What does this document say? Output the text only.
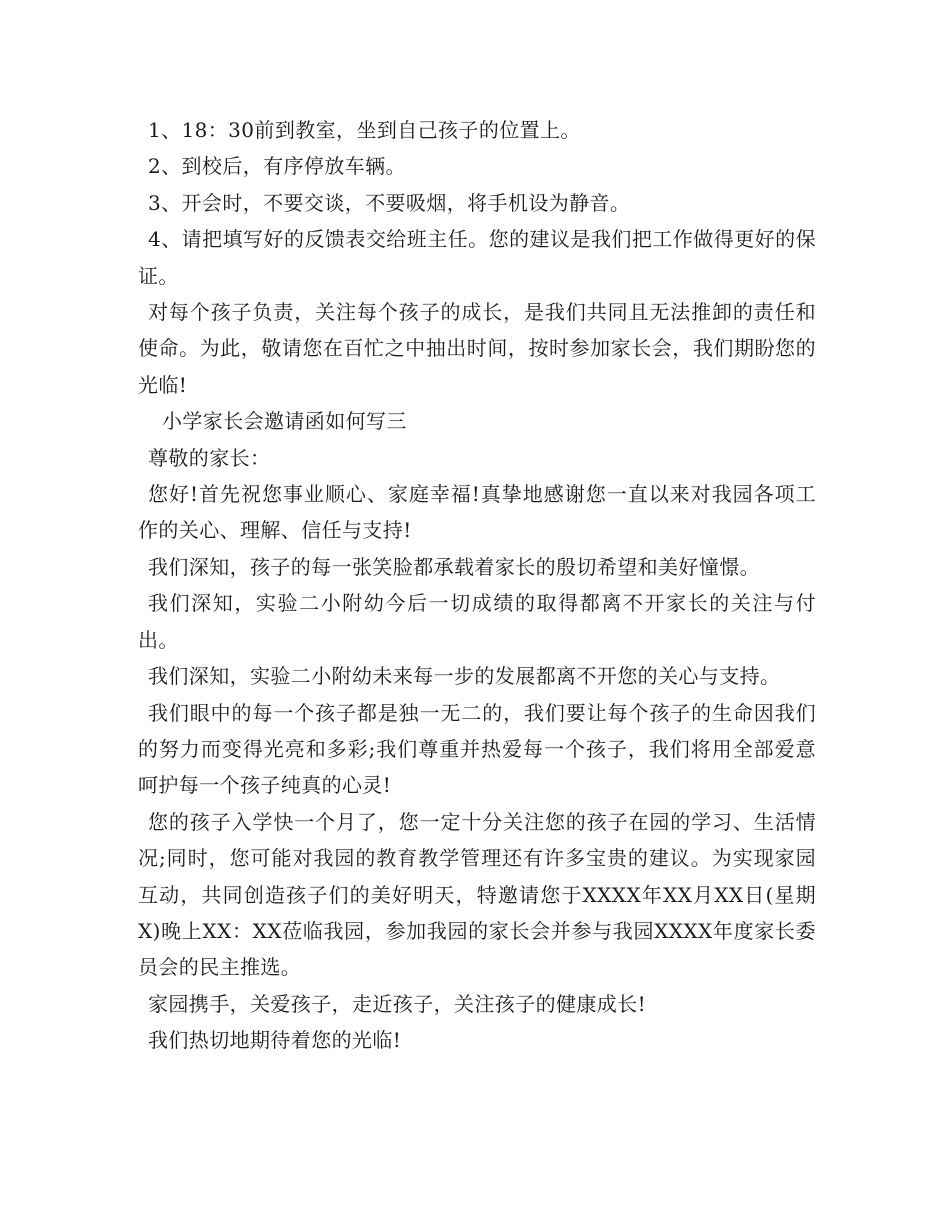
1、18：30前到教室，坐到自己孩子的位置上。

2、到校后，有序停放车辆。

3、开会时，不要交谈，不要吸烟，将手机设为静音。

4、请把填写好的反馈表交给班主任。您的建议是我们把工作做得更好的保证。

对每个孩子负责，关注每个孩子的成长，是我们共同且无法推卸的责任和使命。为此，敬请您在百忙之中抽出时间，按时参加家长会，我们期盼您的光临!

小学家长会邀请函如何写三

尊敬的家长：

您好!首先祝您事业顺心、家庭幸福!真挚地感谢您一直以来对我园各项工作的关心、理解、信任与支持!

我们深知，孩子的每一张笑脸都承载着家长的殷切希望和美好憧憬。

我们深知，实验二小附幼今后一切成绩的取得都离不开家长的关注与付出。

我们深知，实验二小附幼未来每一步的发展都离不开您的关心与支持。

我们眼中的每一个孩子都是独一无二的，我们要让每个孩子的生命因我们的努力而变得光亮和多彩;我们尊重并热爱每一个孩子，我们将用全部爱意呵护每一个孩子纯真的心灵!

您的孩子入学快一个月了，您一定十分关注您的孩子在园的学习、生活情况;同时，您可能对我园的教育教学管理还有许多宝贵的建议。为实现家园互动，共同创造孩子们的美好明天，特邀请您于XXXX年XX月XX日(星期X)晚上XX：XX莅临我园，参加我园的家长会并参与我园XXXX年度家长委员会的民主推选。

家园携手，关爱孩子，走近孩子，关注孩子的健康成长!

我们热切地期待着您的光临!
